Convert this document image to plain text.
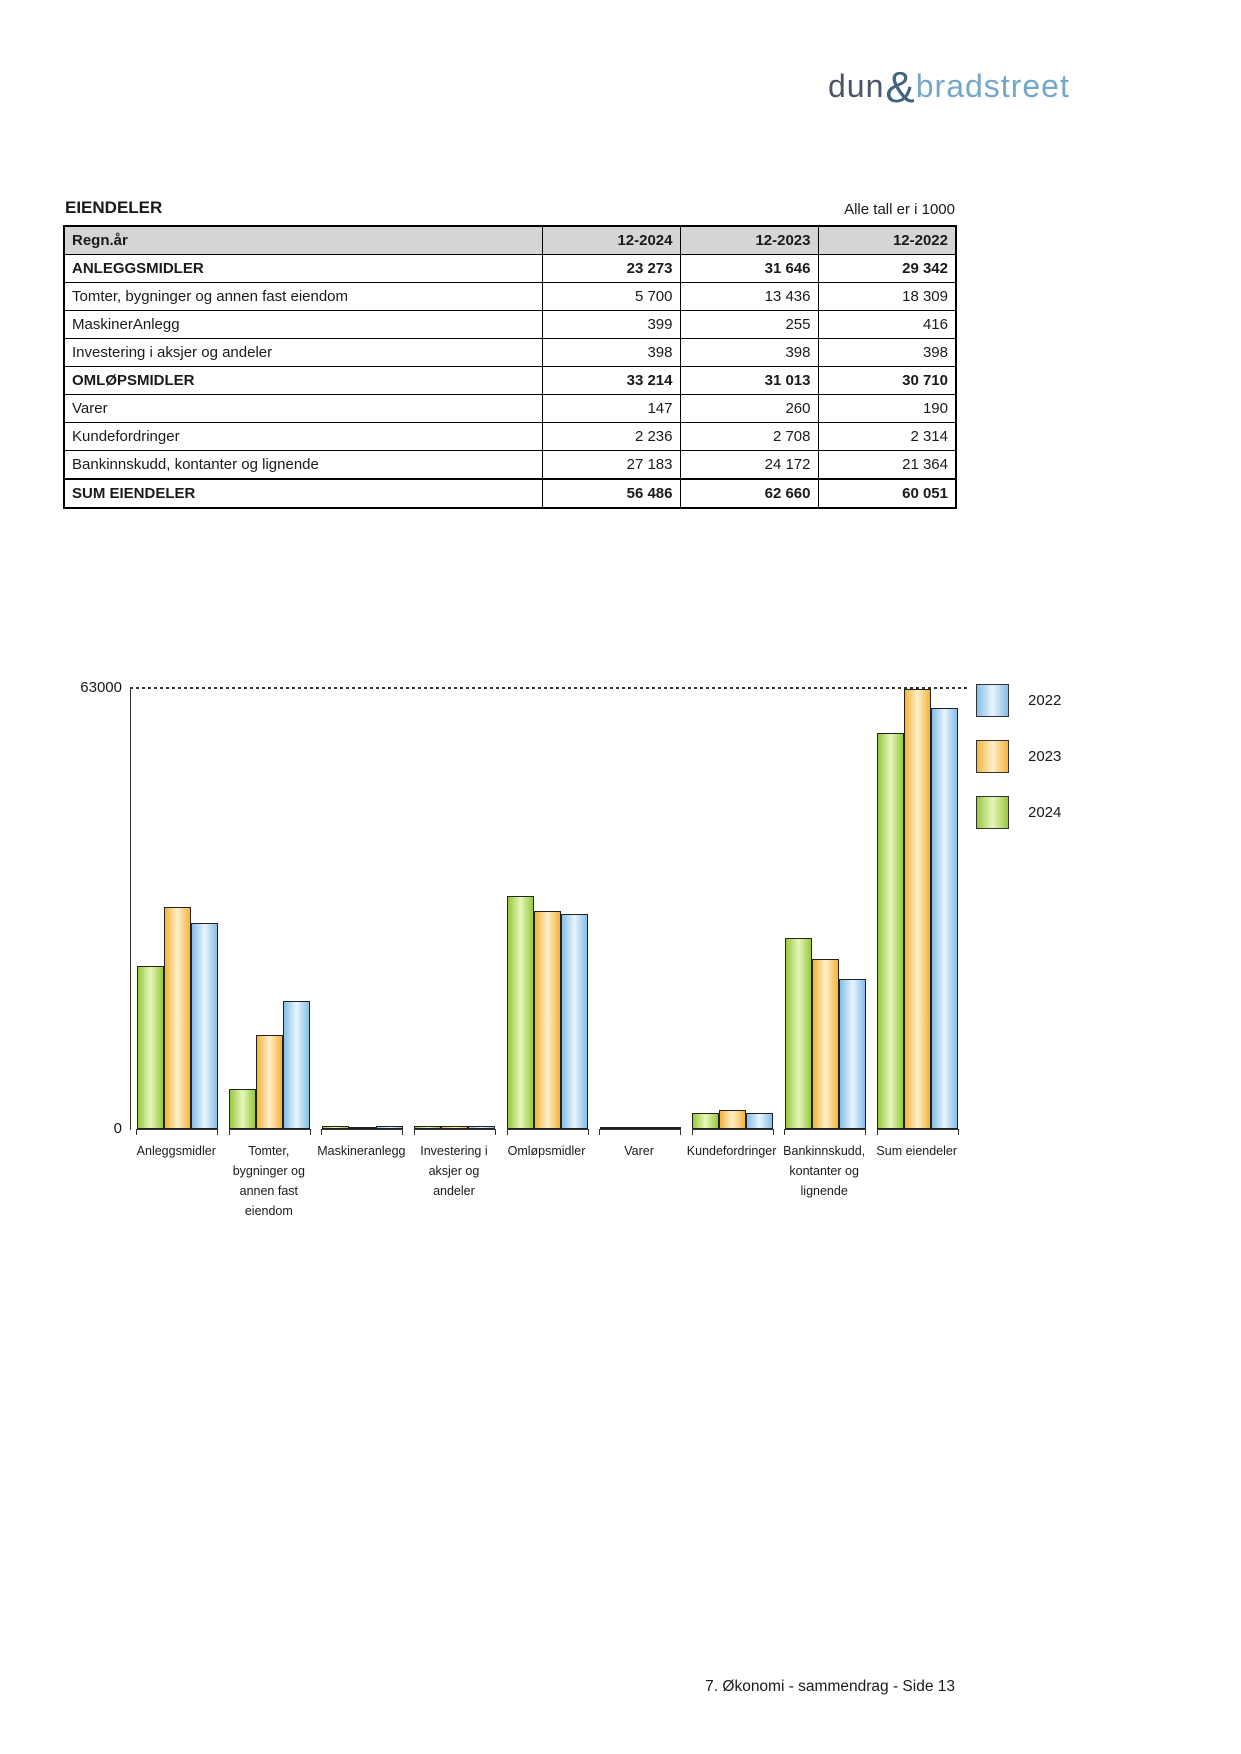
dun&bradstreet
EIENDELER	Alle tall er i 1000
Regn.år	12-2024	12-2023	12-2022
ANLEGGSMIDLER	23 273	31 646	29 342
Tomter, bygninger og annen fast eiendom	5 700	13 436	18 309
MaskinerAnlegg	399	255	416
Investering i aksjer og andeler	398	398	398
OMLØPSMIDLER	33 214	31 013	30 710
Varer	147	260	190
Kundefordringer	2 236	2 708	2 314
Bankinnskudd, kontanter og lignende	27 183	24 172	21 364
SUM EIENDELER	56 486	62 660	60 051
63000
0
Anleggsmidler	Tomter,
bygninger og
annen fast
eiendom
Maskineranlegg Investering i
aksjer og
andeler
Omløpsmidler	Varer	Kundefordringer Bankinnskudd,
kontanter og
lignende
Sum eiendeler
2022
2023
2024
7. Økonomi - sammendrag - Side 13
